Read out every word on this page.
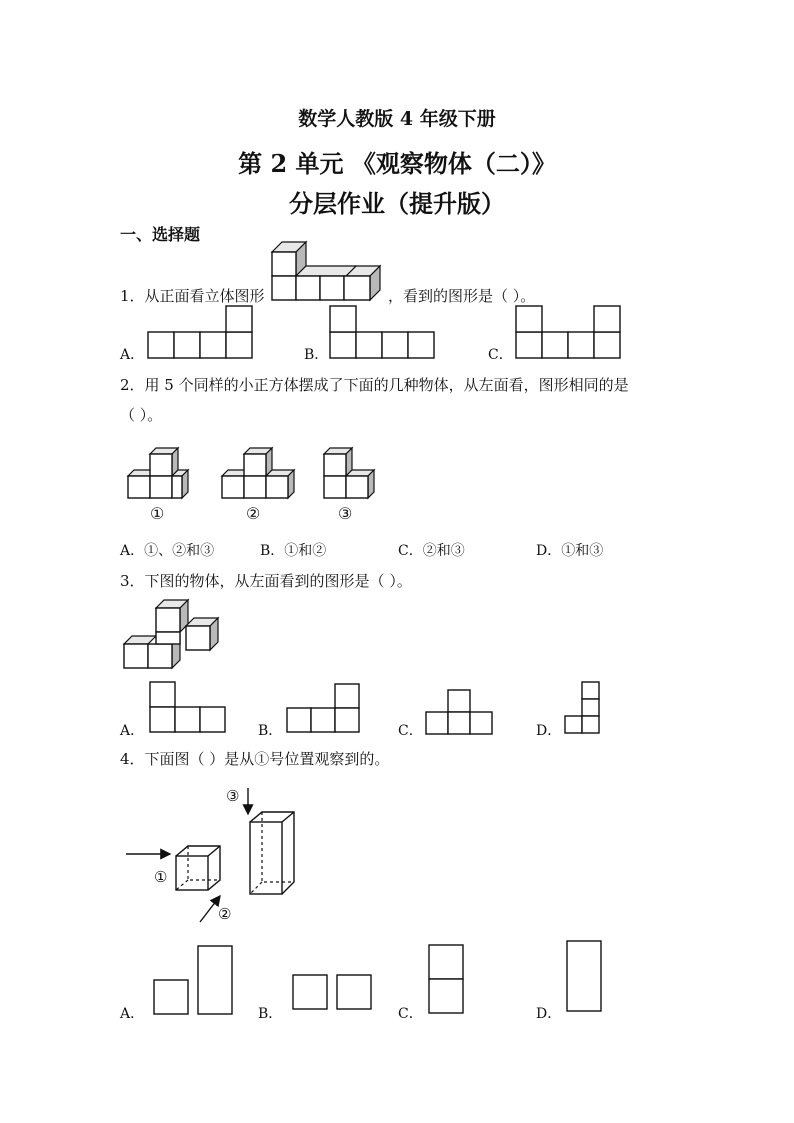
数学人教版 4 年级下册
第 2 单元 《观察物体（二）》
分层作业（提升版）
一、选择题
1．从正面看立体图形	，看到的图形是（ ）。
A．	B．	C．
2．用 5 个同样的小正方体摆成了下面的几种物体，从左面看，图形相同的是
（ ）。
①	②	③
A．①、②和③	B．①和②	C．②和③	D．①和③
3．下图的物体，从左面看到的图形是（ ）。
A．	B．	C．	D．
4．下面图（ ）是从①号位置观察到的。
①
②
③
A．	B．	C．	D．
